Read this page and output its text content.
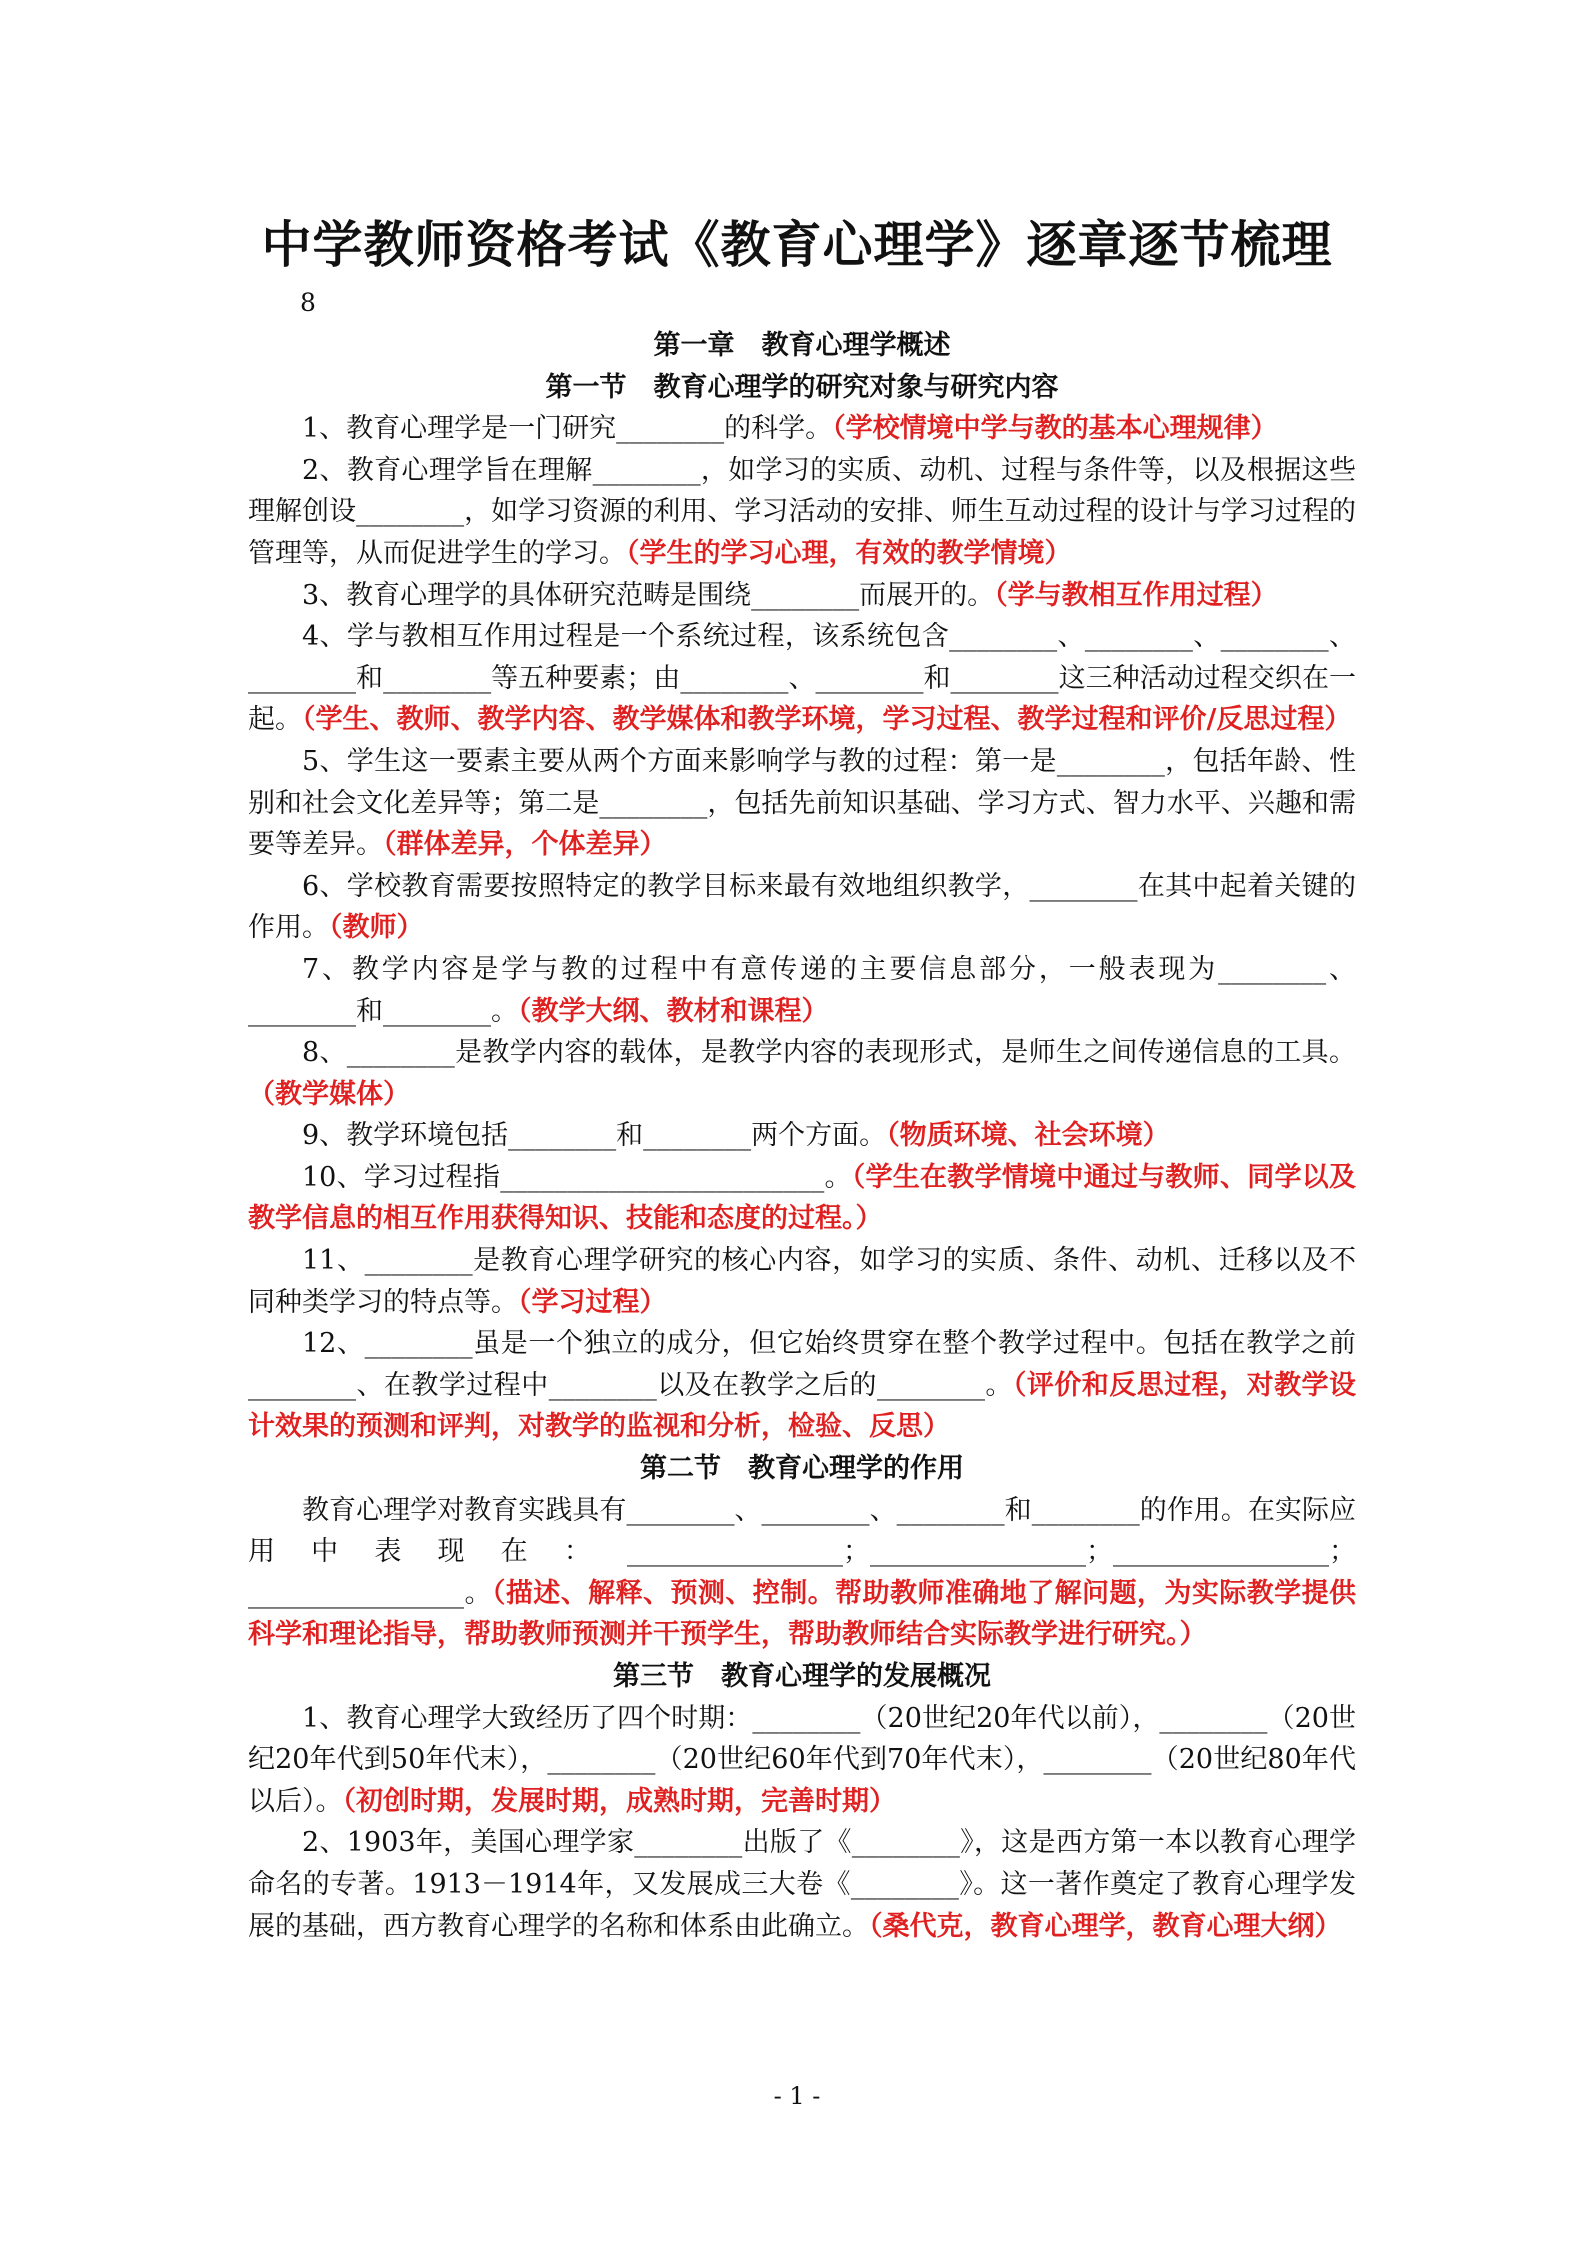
中学教师资格考试《教育心理学》逐章逐节梳理
8

第一章　教育心理学概述

第一节　教育心理学的研究对象与研究内容

1、教育心理学是一门研究________的科学。（学校情境中学与教的基本心理规律）

2、教育心理学旨在理解________，如学习的实质、动机、过程与条件等，以及根据这些理解创设________，如学习资源的利用、学习活动的安排、师生互动过程的设计与学习过程的管理等，从而促进学生的学习。（学生的学习心理，有效的教学情境）

3、教育心理学的具体研究范畴是围绕________而展开的。（学与教相互作用过程）

4、学与教相互作用过程是一个系统过程，该系统包含________、________、________、________和________等五种要素；由________、________和________这三种活动过程交织在一起。（学生、教师、教学内容、教学媒体和教学环境，学习过程、教学过程和评价/反思过程）

5、学生这一要素主要从两个方面来影响学与教的过程：第一是________，包括年龄、性别和社会文化差异等；第二是________，包括先前知识基础、学习方式、智力水平、兴趣和需要等差异。（群体差异，个体差异）

6、学校教育需要按照特定的教学目标来最有效地组织教学，________在其中起着关键的作用。（教师）

7、教学内容是学与教的过程中有意传递的主要信息部分，一般表现为________、________和________。（教学大纲、教材和课程）

8、________是教学内容的载体，是教学内容的表现形式，是师生之间传递信息的工具。（教学媒体）

9、教学环境包括________和________两个方面。（物质环境、社会环境）

10、学习过程指________________________。（学生在教学情境中通过与教师、同学以及教学信息的相互作用获得知识、技能和态度的过程。）

11、________是教育心理学研究的核心内容，如学习的实质、条件、动机、迁移以及不同种类学习的特点等。（学习过程）

12、________虽是一个独立的成分，但它始终贯穿在整个教学过程中。包括在教学之前________、在教学过程中________以及在教学之后的________。（评价和反思过程，对教学设计效果的预测和评判，对教学的监视和分析，检验、反思）

第二节　教育心理学的作用

教育心理学对教育实践具有________、________、________和________的作用。在实际应用中表现在：________________；________________；________________；________________。（描述、解释、预测、控制。帮助教师准确地了解问题，为实际教学提供科学和理论指导，帮助教师预测并干预学生，帮助教师结合实际教学进行研究。）

第三节　教育心理学的发展概况

1、教育心理学大致经历了四个时期：________（20世纪20年代以前），________（20世纪20年代到50年代末），________（20世纪60年代到70年代末），________（20世纪80年代以后）。（初创时期，发展时期，成熟时期，完善时期）

2、1903年，美国心理学家________出版了《________》，这是西方第一本以教育心理学命名的专著。1913－1914年，又发展成三大卷《________》。这一著作奠定了教育心理学发展的基础，西方教育心理学的名称和体系由此确立。（桑代克，教育心理学，教育心理大纲）

- 1 -
